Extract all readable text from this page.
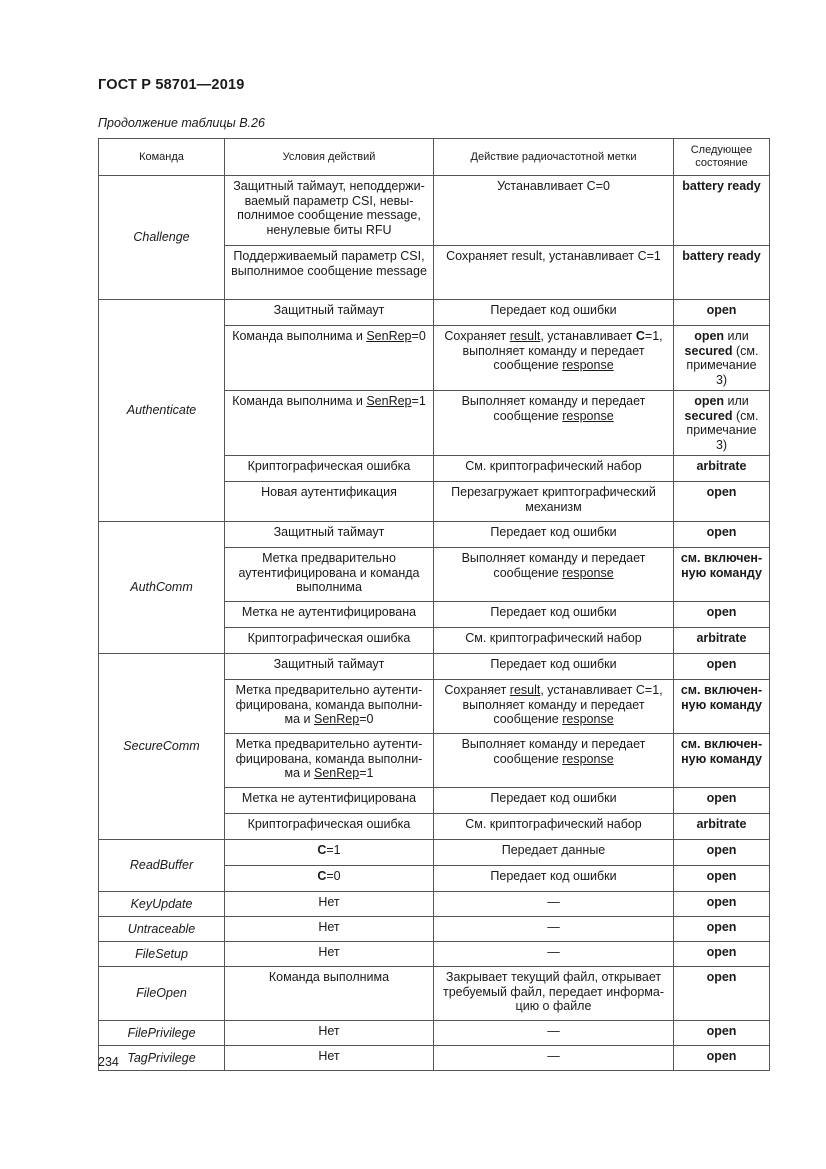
ГОСТ Р 58701—2019
Продолжение таблицы В.26
Команда	Условия действий	Действие радиочастотной метки	Следующее состояние
Challenge	Защитный таймаут, неподдержи-ваемый параметр CSI, невы-полнимое сообщение message, ненулевые биты RFU	Устанавливает С=0	battery ready
	Поддерживаемый параметр CSI, выполнимое сообщение message	Сохраняет result, устанавливает С=1	battery ready
Authenticate	Защитный таймаут	Передает код ошибки	open
	Команда выполнима и SenRep=0	Сохраняет result, устанавливает С=1, выполняет команду и передает сообщение response	open или secured (см. примечание 3)
	Команда выполнима и SenRep=1	Выполняет команду и передает сообщение response	open или secured (см. примечание 3)
	Криптографическая ошибка	См. криптографический набор	arbitrate
	Новая аутентификация	Перезагружает криптографический механизм	open
AuthComm	Защитный таймаут	Передает код ошибки	open
	Метка предварительно аутентифицирована и команда выполнима	Выполняет команду и передает сообщение response	см. включен-ную команду
	Метка не аутентифицирована	Передает код ошибки	open
	Криптографическая ошибка	См. криптографический набор	arbitrate
SecureComm	Защитный таймаут	Передает код ошибки	open
	Метка предварительно аутенти-фицирована, команда выполни-ма и SenRep=0	Сохраняет result, устанавливает С=1, выполняет команду и передает сообщение response	см. включен-ную команду
	Метка предварительно аутенти-фицирована, команда выполни-ма и SenRep=1	Выполняет команду и передает сообщение response	см. включен-ную команду
	Метка не аутентифицирована	Передает код ошибки	open
	Криптографическая ошибка	См. криптографический набор	arbitrate
ReadBuffer	С=1	Передает данные	open
	С=0	Передает код ошибки	open
KeyUpdate	Нет	—	open
Untraceable	Нет	—	open
FileSetup	Нет	—	open
FileOpen	Команда выполнима	Закрывает текущий файл, открывает требуемый файл, передает информа-цию о файле	open
FilePrivilege	Нет	—	open
TagPrivilege	Нет	—	open
234
